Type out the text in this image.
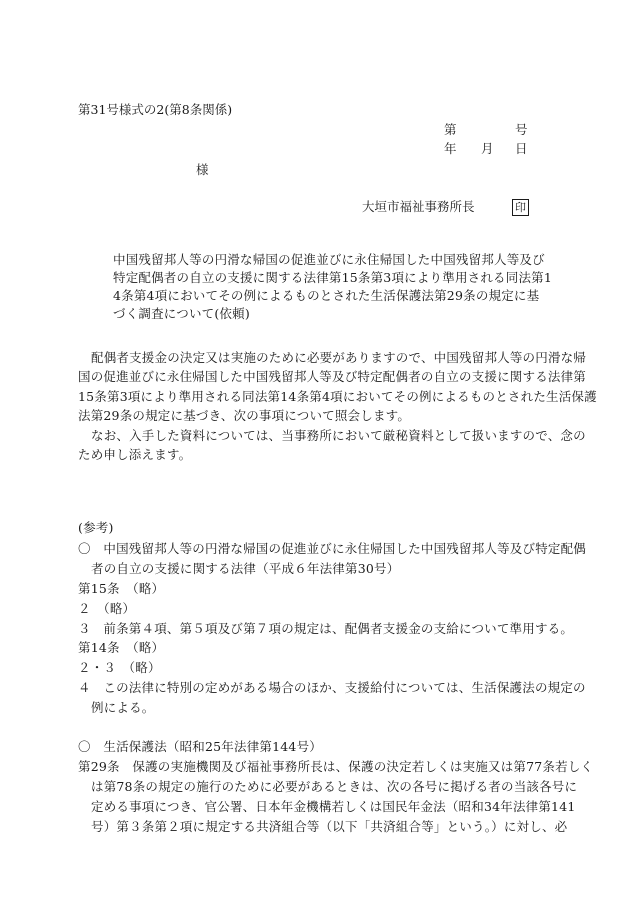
第31号様式の2(第8条関係)
第	号
年 月 日
様
大垣市福祉事務所長	印
中国残留邦人等の円滑な帰国の促進並びに永住帰国した中国残留邦人等及び
特定配偶者の自立の支援に関する法律第15条第3項により準用される同法第1
4条第4項においてその例によるものとされた生活保護法第29条の規定に基
づく調査について(依頼)
配偶者支援金の決定又は実施のために必要がありますので、中国残留邦人等の円滑な帰
国の促進並びに永住帰国した中国残留邦人等及び特定配偶者の自立の支援に関する法律第
15条第3項により準用される同法第14条第4項においてその例によるものとされた生活保護
法第29条の規定に基づき、次の事項について照会します。
なお、入手した資料については、当事務所において厳秘資料として扱いますので、念の
ため申し添えます。
(参考)
〇　中国残留邦人等の円滑な帰国の促進並びに永住帰国した中国残留邦人等及び特定配偶
者の自立の支援に関する法律（平成６年法律第30号）
第15条　（略）
２　（略）
３　前条第４項、第５項及び第７項の規定は、配偶者支援金の支給について準用する。
第14条　（略）
２・３　（略）
４　この法律に特別の定めがある場合のほか、支援給付については、生活保護法の規定の
例による。
〇　生活保護法（昭和25年法律第144号）
第29条　保護の実施機関及び福祉事務所長は、保護の決定若しくは実施又は第77条若しく
は第78条の規定の施行のために必要があるときは、次の各号に掲げる者の当該各号に
定める事項につき、官公署、日本年金機構若しくは国民年金法（昭和34年法律第141
号）第３条第２項に規定する共済組合等（以下「共済組合等」という。）に対し、必
